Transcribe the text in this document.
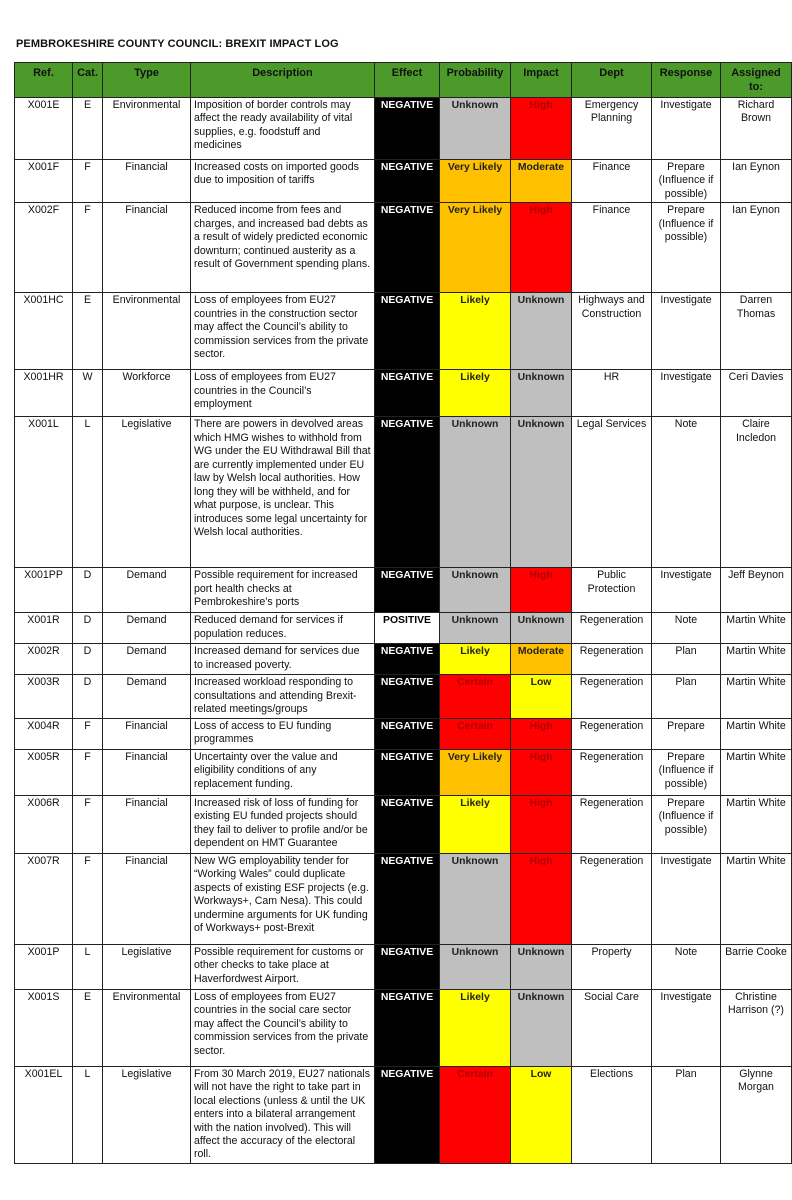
PEMBROKESHIRE COUNTY COUNCIL: BREXIT IMPACT LOG
Ref.	Cat.	Type	Description	Effect	Probability	Impact	Dept	Response	Assigned to:
X001E	E	Environmental	Imposition of border controls may affect the ready availability of vital supplies, e.g. foodstuff and medicines	NEGATIVE	Unknown	High	Emergency Planning	Investigate	Richard Brown
X001F	F	Financial	Increased costs on imported goods due to imposition of tariffs	NEGATIVE	Very Likely	Moderate	Finance	Prepare (Influence if possible)	Ian Eynon
X002F	F	Financial	Reduced income from fees and charges, and increased bad debts as a result of widely predicted economic downturn; continued austerity as a result of Government spending plans.	NEGATIVE	Very Likely	High	Finance	Prepare (Influence if possible)	Ian Eynon
X001HC	E	Environmental	Loss of employees from EU27 countries in the construction sector may affect the Council’s ability to commission services from the private sector.	NEGATIVE	Likely	Unknown	Highways and Construction	Investigate	Darren Thomas
X001HR	W	Workforce	Loss of employees from EU27 countries in the Council’s employment	NEGATIVE	Likely	Unknown	HR	Investigate	Ceri Davies
X001L	L	Legislative	There are powers in devolved areas which HMG wishes to withhold from WG under the EU Withdrawal Bill that are currently implemented under EU law by Welsh local authorities. How long they will be withheld, and for what purpose, is unclear. This introduces some legal uncertainty for Welsh local authorities.	NEGATIVE	Unknown	Unknown	Legal Services	Note	Claire Incledon
X001PP	D	Demand	Possible requirement for increased port health checks at Pembrokeshire’s ports	NEGATIVE	Unknown	High	Public Protection	Investigate	Jeff Beynon
X001R	D	Demand	Reduced demand for services if population reduces.	POSITIVE	Unknown	Unknown	Regeneration	Note	Martin White
X002R	D	Demand	Increased demand for services due to increased poverty.	NEGATIVE	Likely	Moderate	Regeneration	Plan	Martin White
X003R	D	Demand	Increased workload responding to consultations and attending Brexit-related meetings/groups	NEGATIVE	Certain	Low	Regeneration	Plan	Martin White
X004R	F	Financial	Loss of access to EU funding programmes	NEGATIVE	Certain	High	Regeneration	Prepare	Martin White
X005R	F	Financial	Uncertainty over the value and eligibility conditions of any replacement funding.	NEGATIVE	Very Likely	High	Regeneration	Prepare (Influence if possible)	Martin White
X006R	F	Financial	Increased risk of loss of funding for existing EU funded projects should they fail to deliver to profile and/or be dependent on HMT Guarantee	NEGATIVE	Likely	High	Regeneration	Prepare (Influence if possible)	Martin White
X007R	F	Financial	New WG employability tender for “Working Wales” could duplicate aspects of existing ESF projects (e.g. Workways+, Cam Nesa). This could undermine arguments for UK funding of Workways+ post-Brexit	NEGATIVE	Unknown	High	Regeneration	Investigate	Martin White
X001P	L	Legislative	Possible requirement for customs or other checks to take place at Haverfordwest Airport.	NEGATIVE	Unknown	Unknown	Property	Note	Barrie Cooke
X001S	E	Environmental	Loss of employees from EU27 countries in the social care sector may affect the Council’s ability to commission services from the private sector.	NEGATIVE	Likely	Unknown	Social Care	Investigate	Christine Harrison (?)
X001EL	L	Legislative	From 30 March 2019, EU27 nationals will not have the right to take part in local elections (unless & until the UK enters into a bilateral arrangement with the nation involved). This will affect the accuracy of the electoral roll.	NEGATIVE	Certain	Low	Elections	Plan	Glynne Morgan
